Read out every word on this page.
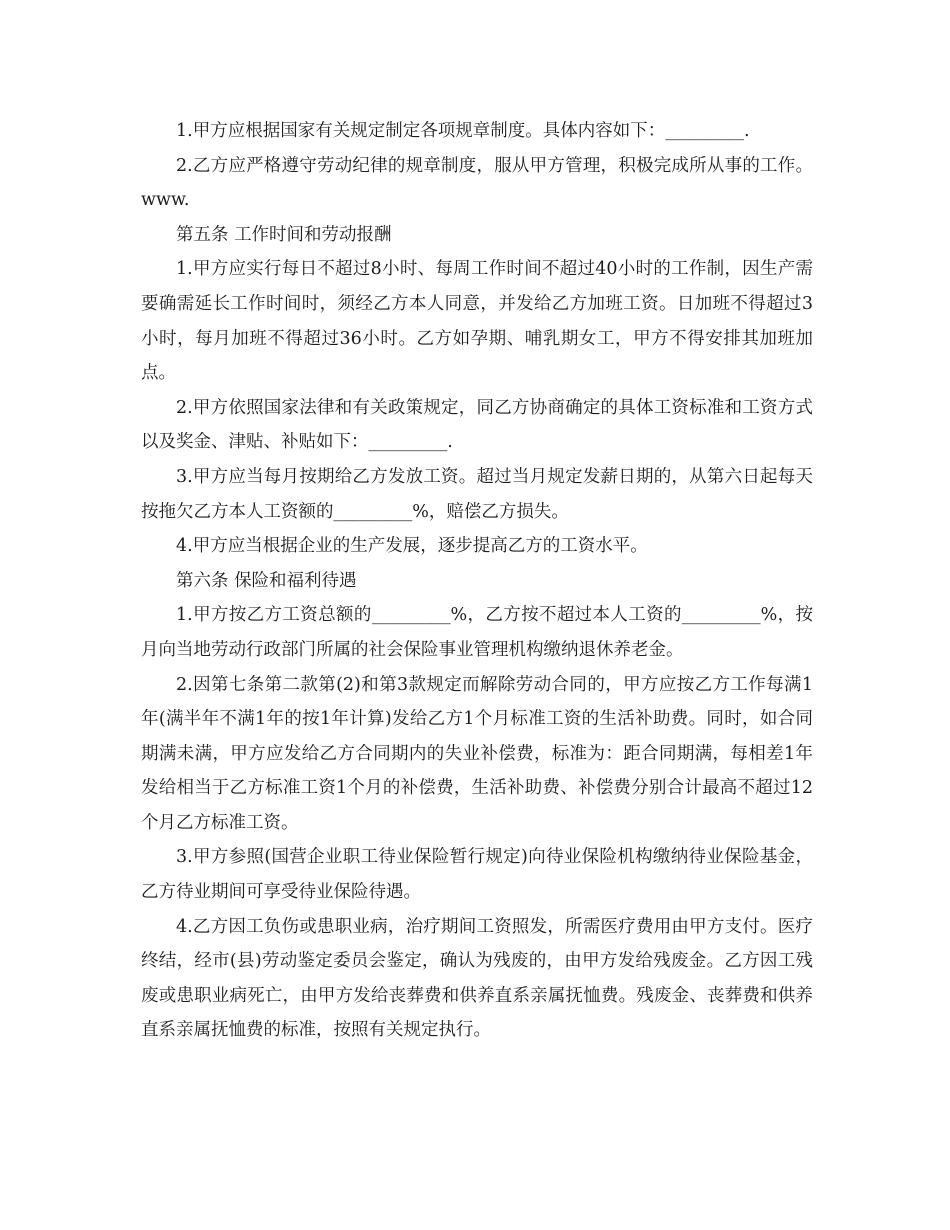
1.甲方应根据国家有关规定制定各项规章制度。具体内容如下：_________.

2.乙方应严格遵守劳动纪律的规章制度，服从甲方管理，积极完成所从事的工作。www.

第五条 工作时间和劳动报酬

1.甲方应实行每日不超过8小时、每周工作时间不超过40小时的工作制，因生产需要确需延长工作时间时，须经乙方本人同意，并发给乙方加班工资。日加班不得超过3小时，每月加班不得超过36小时。乙方如孕期、哺乳期女工，甲方不得安排其加班加点。

2.甲方依照国家法律和有关政策规定，同乙方协商确定的具体工资标准和工资方式以及奖金、津贴、补贴如下：_________.

3.甲方应当每月按期给乙方发放工资。超过当月规定发薪日期的，从第六日起每天按拖欠乙方本人工资额的_________%，赔偿乙方损失。

4.甲方应当根据企业的生产发展，逐步提高乙方的工资水平。

第六条 保险和福利待遇

1.甲方按乙方工资总额的_________%，乙方按不超过本人工资的_________%，按月向当地劳动行政部门所属的社会保险事业管理机构缴纳退休养老金。

2.因第七条第二款第(2)和第3款规定而解除劳动合同的，甲方应按乙方工作每满1年(满半年不满1年的按1年计算)发给乙方1个月标准工资的生活补助费。同时，如合同期满未满，甲方应发给乙方合同期内的失业补偿费，标准为：距合同期满，每相差1年发给相当于乙方标准工资1个月的补偿费，生活补助费、补偿费分别合计最高不超过12个月乙方标准工资。

3.甲方参照(国营企业职工待业保险暂行规定)向待业保险机构缴纳待业保险基金，乙方待业期间可享受待业保险待遇。

4.乙方因工负伤或患职业病，治疗期间工资照发，所需医疗费用由甲方支付。医疗终结，经市(县)劳动鉴定委员会鉴定，确认为残废的，由甲方发给残废金。乙方因工残废或患职业病死亡，由甲方发给丧葬费和供养直系亲属抚恤费。残废金、丧葬费和供养直系亲属抚恤费的标准，按照有关规定执行。
